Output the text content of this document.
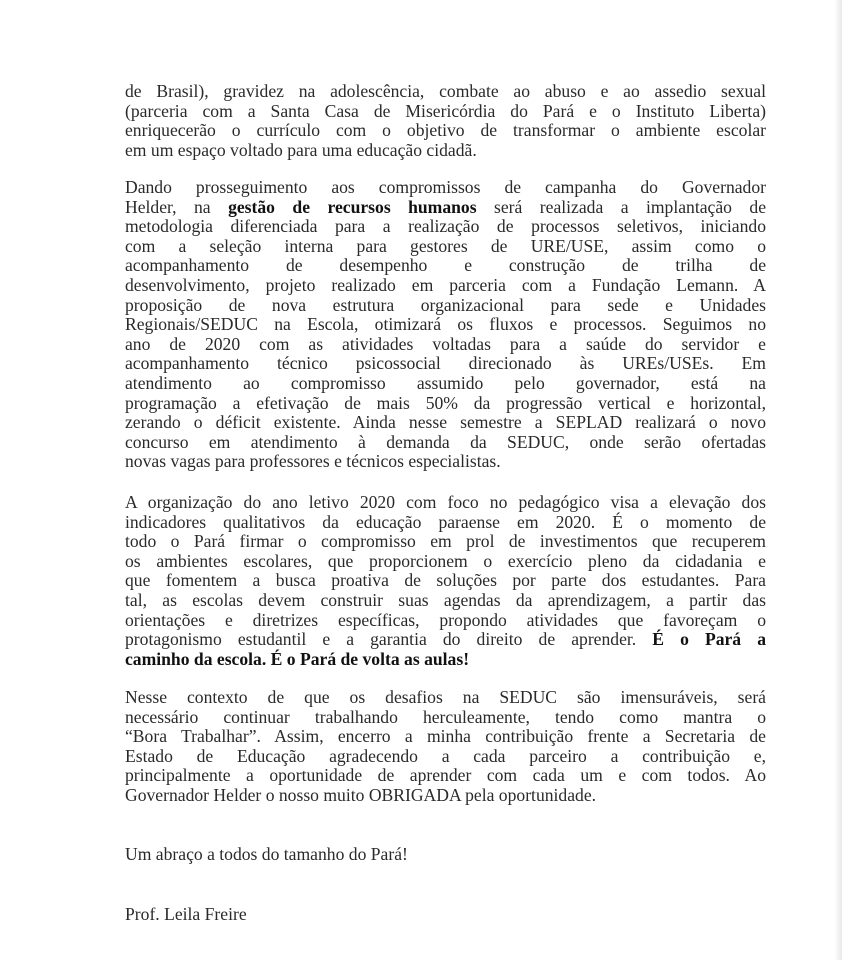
de Brasil), gravidez na adolescência, combate ao abuso e ao assedio sexual
(parceria com a Santa Casa de Misericórdia do Pará e o Instituto Liberta)
enriquecerão o currículo com o objetivo de transformar o ambiente escolar
em um espaço voltado para uma educação cidadã.
Dando prosseguimento aos compromissos de campanha do Governador
Helder, na gestão de recursos humanos será realizada a implantação de
metodologia diferenciada para a realização de processos seletivos, iniciando
com a seleção interna para gestores de URE/USE, assim como o
acompanhamento de desempenho e construção de trilha de
desenvolvimento, projeto realizado em parceria com a Fundação Lemann. A
proposição de nova estrutura organizacional para sede e Unidades
Regionais/SEDUC na Escola, otimizará os fluxos e processos. Seguimos no
ano de 2020 com as atividades voltadas para a saúde do servidor e
acompanhamento técnico psicossocial direcionado às UREs/USEs. Em
atendimento ao compromisso assumido pelo governador, está na
programação a efetivação de mais 50% da progressão vertical e horizontal,
zerando o déficit existente. Ainda nesse semestre a SEPLAD realizará o novo
concurso em atendimento à demanda da SEDUC, onde serão ofertadas
novas vagas para professores e técnicos especialistas.
A organização do ano letivo 2020 com foco no pedagógico visa a elevação dos
indicadores qualitativos da educação paraense em 2020. É o momento de
todo o Pará firmar o compromisso em prol de investimentos que recuperem
os ambientes escolares, que proporcionem o exercício pleno da cidadania e
que fomentem a busca proativa de soluções por parte dos estudantes. Para
tal, as escolas devem construir suas agendas da aprendizagem, a partir das
orientações e diretrizes específicas, propondo atividades que favoreçam o
protagonismo estudantil e a garantia do direito de aprender. É o Pará a
caminho da escola. É o Pará de volta as aulas!
Nesse contexto de que os desafios na SEDUC são imensuráveis, será
necessário continuar trabalhando herculeamente, tendo como mantra o
“Bora Trabalhar”. Assim, encerro a minha contribuição frente a Secretaria de
Estado de Educação agradecendo a cada parceiro a contribuição e,
principalmente a oportunidade de aprender com cada um e com todos. Ao
Governador Helder o nosso muito OBRIGADA pela oportunidade.
Um abraço a todos do tamanho do Pará!
Prof. Leila Freire
